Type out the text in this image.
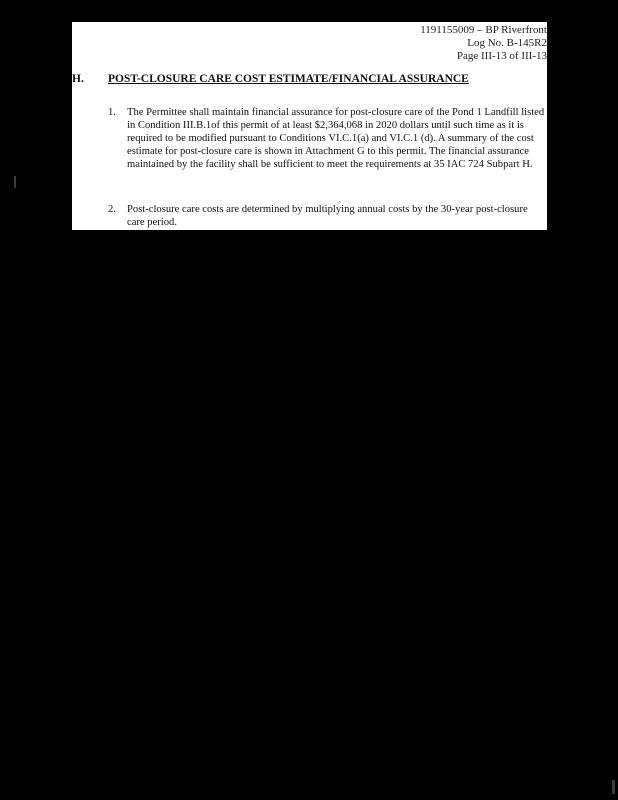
1191155009 – BP Riverfront
Log No. B-145R2
Page III-13 of III-13
H. POST-CLOSURE CARE COST ESTIMATE/FINANCIAL ASSURANCE
1. The Permittee shall maintain financial assurance for post-closure care of the Pond 1 Landfill listed in Condition III.B.1of this permit of at least $2,364,068 in 2020 dollars until such time as it is required to be modified pursuant to Conditions VI.C.1(a) and VI.C.1 (d). A summary of the cost estimate for post-closure care is shown in Attachment G to this permit. The financial assurance maintained by the facility shall be sufficient to meet the requirements at 35 IAC 724 Subpart H.
2. Post-closure care costs are determined by multiplying annual costs by the 30-year post-closure care period.
